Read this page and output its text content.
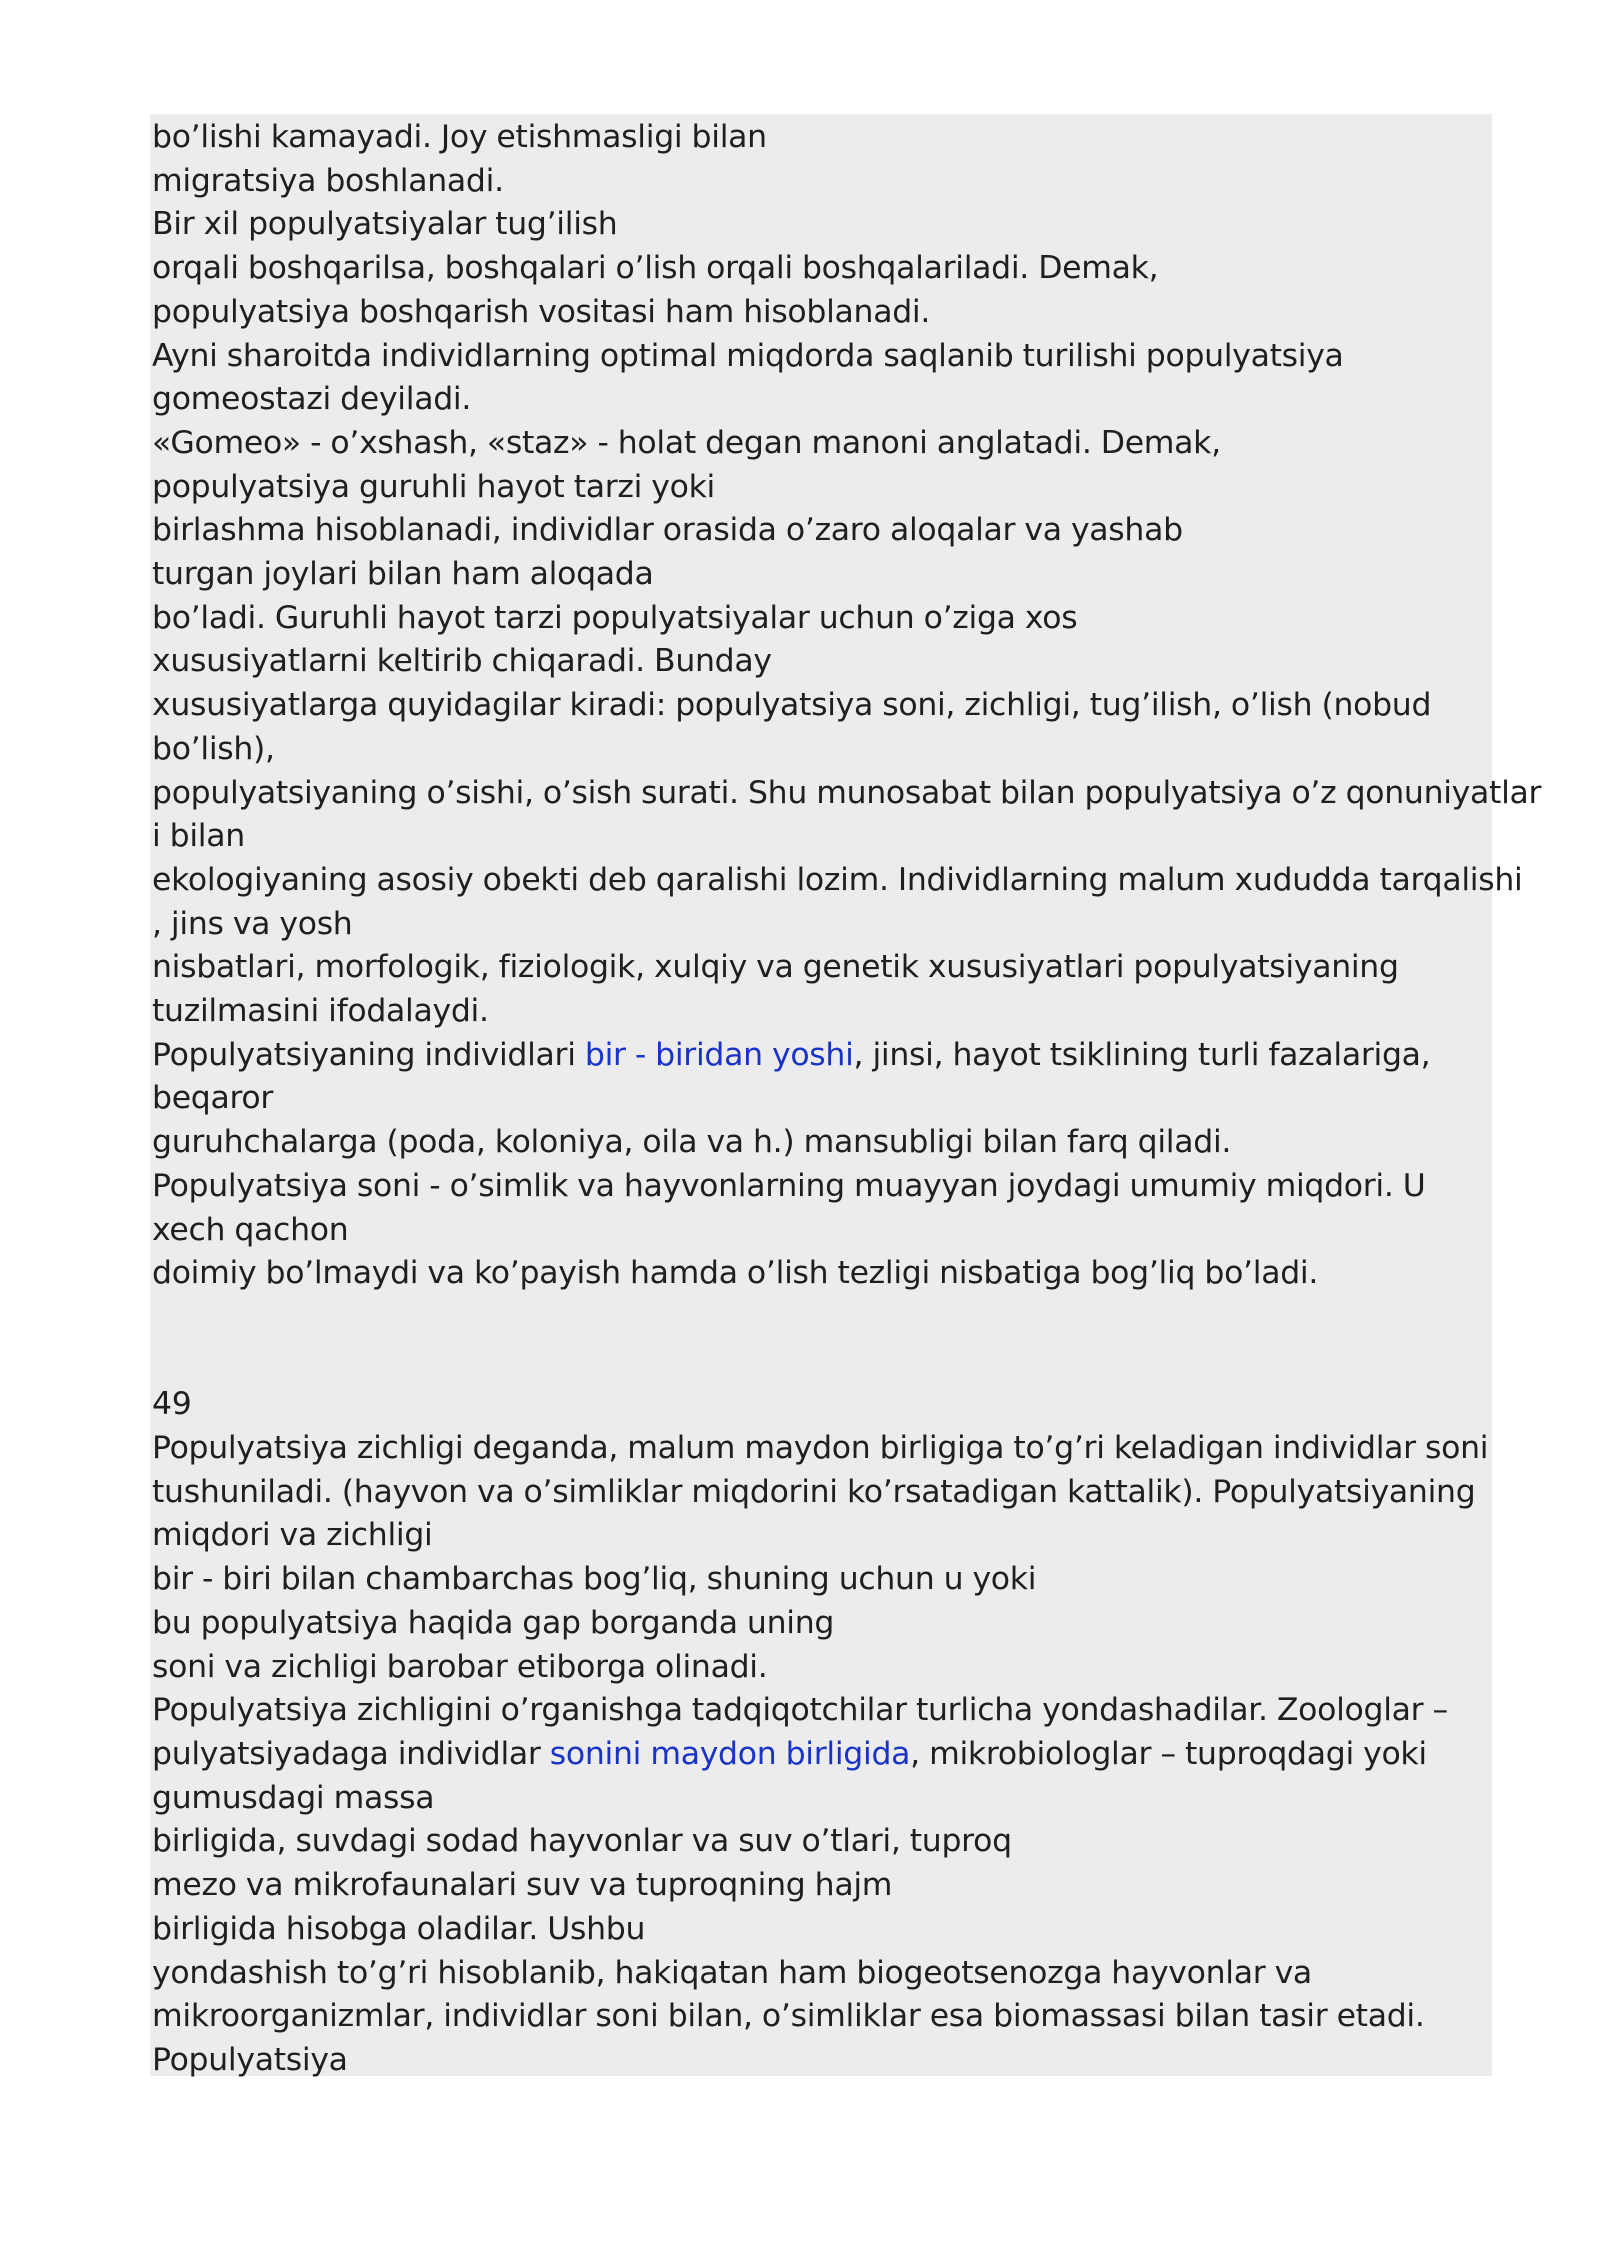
bo’lishi kamayadi. Joy etishmasligi bilan
migratsiya boshlanadi.
Bir xil populyatsiyalar tug’ilish
orqali boshqarilsa, boshqalari o’lish orqali boshqalariladi. Demak,
populyatsiya boshqarish vositasi ham hisoblanadi.
Ayni sharoitda individlarning optimal miqdorda saqlanib turilishi populyatsiya
gomeostazi deyiladi.
«Gomeo» - o’xshash, «staz» - holat degan manoni anglatadi. Demak,
populyatsiya guruhli hayot tarzi yoki
birlashma hisoblanadi, individlar orasida o’zaro aloqalar va yashab
turgan joylari bilan ham aloqada
bo’ladi. Guruhli hayot tarzi populyatsiyalar uchun o’ziga xos
xususiyatlarni keltirib chiqaradi. Bunday
xususiyatlarga quyidagilar kiradi: populyatsiya soni, zichligi, tug’ilish, o’lish (nobud
bo’lish),
populyatsiyaning o’sishi, o’sish surati. Shu munosabat bilan populyatsiya o’z qonuniyatlar
i bilan
ekologiyaning asosiy obekti deb qaralishi lozim. Individlarning malum xududda tarqalishi
, jins va yosh
nisbatlari, morfologik, fiziologik, xulqiy va genetik xususiyatlari populyatsiyaning
tuzilmasini ifodalaydi.
Populyatsiyaning individlari bir - biridan yoshi, jinsi, hayot tsiklining turli fazalariga,
beqaror
guruhchalarga (poda, koloniya, oila va h.) mansubligi bilan farq qiladi.
Populyatsiya soni - o’simlik va hayvonlarning muayyan joydagi umumiy miqdori. U
xech qachon
doimiy bo’lmaydi va ko’payish hamda o’lish tezligi nisbatiga bog’liq bo’ladi.
49
Populyatsiya zichligi deganda, malum maydon birligiga to’g’ri keladigan individlar soni
tushuniladi. (hayvon va o’simliklar miqdorini ko’rsatadigan kattalik). Populyatsiyaning
miqdori va zichligi
bir - biri bilan chambarchas bog’liq, shuning uchun u yoki
bu populyatsiya haqida gap borganda uning
soni va zichligi barobar etiborga olinadi.
Populyatsiya zichligini o’rganishga tadqiqotchilar turlicha yondashadilar. Zoologlar –
pulyatsiyadaga individlar sonini maydon birligida, mikrobiologlar – tuproqdagi yoki
gumusdagi massa
birligida, suvdagi sodad hayvonlar va suv o’tlari, tuproq
mezo va mikrofaunalari suv va tuproqning hajm
birligida hisobga oladilar. Ushbu
yondashish to’g’ri hisoblanib, hakiqatan ham biogeotsenozga hayvonlar va
mikroorganizmlar, individlar soni bilan, o’simliklar esa biomassasi bilan tasir etadi.
Populyatsiya
